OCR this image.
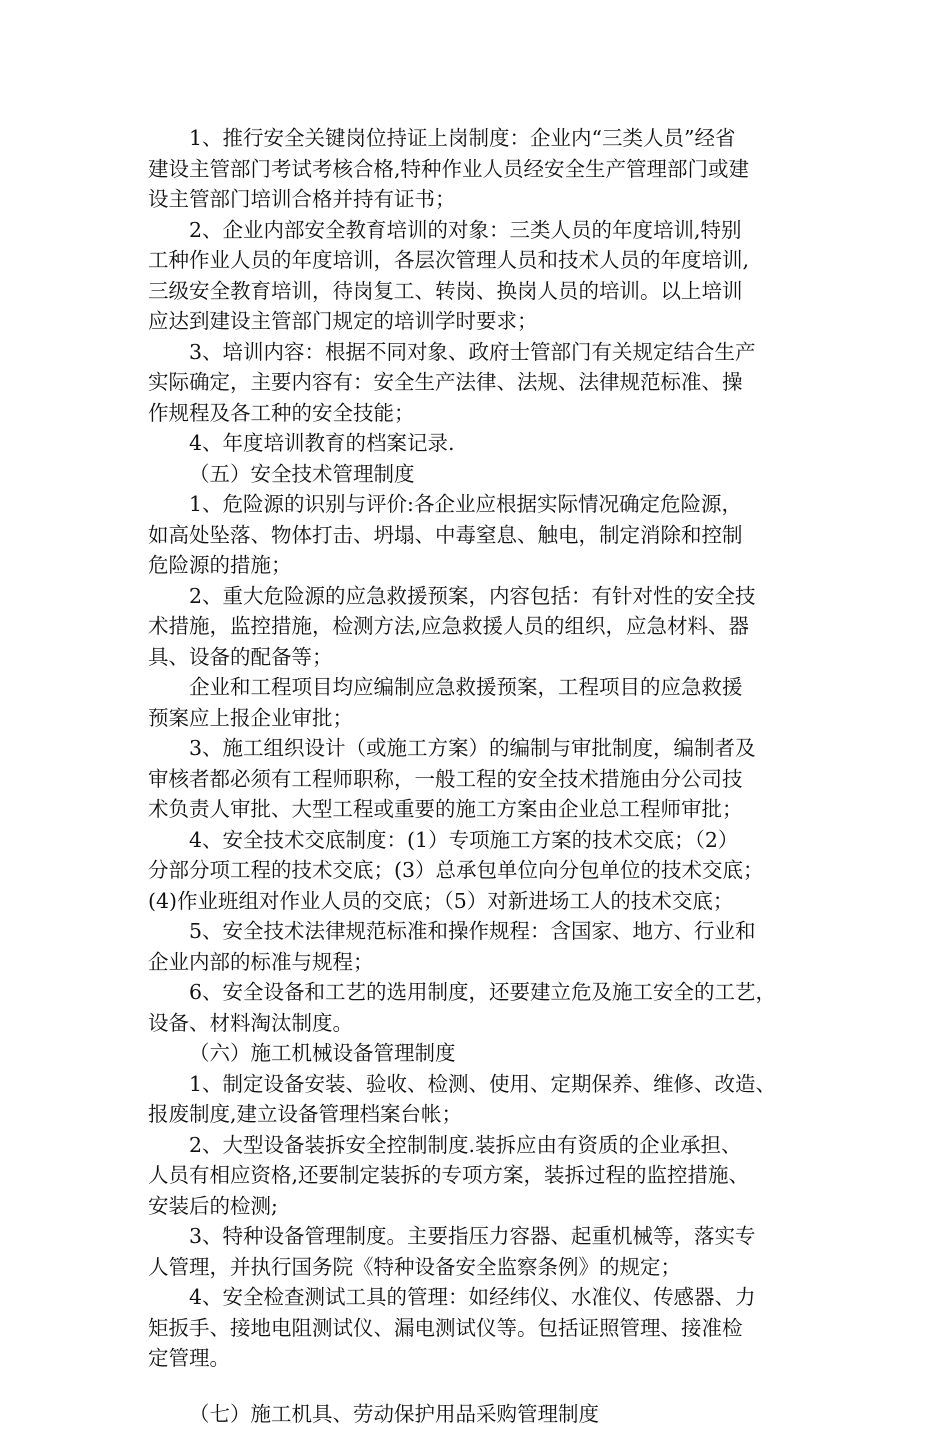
1、推行安全关键岗位持证上岗制度：企业内“三类人员”经省
建设主管部门考试考核合格,特种作业人员经安全生产管理部门或建
设主管部门培训合格并持有证书；
2、企业内部安全教育培训的对象：三类人员的年度培训,特别
工种作业人员的年度培训，各层次管理人员和技术人员的年度培训,
三级安全教育培训，待岗复工、转岗、换岗人员的培训。以上培训
应达到建设主管部门规定的培训学时要求；
3、培训内容：根据不同对象、政府士管部门有关规定结合生产
实际确定，主要内容有：安全生产法律、法规、法律规范标准、操
作规程及各工种的安全技能；
4、年度培训教育的档案记录.
（五）安全技术管理制度
1、危险源的识别与评价:各企业应根据实际情况确定危险源，
如高处坠落、物体打击、坍塌、中毒窒息、触电，制定消除和控制
危险源的措施；
2、重大危险源的应急救援预案，内容包括：有针对性的安全技
术措施，监控措施，检测方法,应急救援人员的组织，应急材料、器
具、设备的配备等；
企业和工程项目均应编制应急救援预案，工程项目的应急救援
预案应上报企业审批；
3、施工组织设计（或施工方案）的编制与审批制度，编制者及
审核者都必须有工程师职称，一般工程的安全技术措施由分公司技
术负责人审批、大型工程或重要的施工方案由企业总工程师审批；
4、安全技术交底制度：(1）专项施工方案的技术交底；（2）
分部分项工程的技术交底；(3）总承包单位向分包单位的技术交底；
(4)作业班组对作业人员的交底；（5）对新进场工人的技术交底；
5、安全技术法律规范标准和操作规程：含国家、地方、行业和
企业内部的标准与规程；
6、安全设备和工艺的选用制度，还要建立危及施工安全的工艺，
设备、材料淘汰制度。
（六）施工机械设备管理制度
1、制定设备安装、验收、检测、使用、定期保养、维修、改造、
报废制度,建立设备管理档案台帐；
2、大型设备装拆安全控制制度.装拆应由有资质的企业承担、
人员有相应资格,还要制定装拆的专项方案，装拆过程的监控措施、
安装后的检测;
3、特种设备管理制度。主要指压力容器、起重机械等，落实专
人管理，并执行国务院《特种设备安全监察条例》的规定；
4、安全检查测试工具的管理：如经纬仪、水准仪、传感器、力
矩扳手、接地电阻测试仪、漏电测试仪等。包括证照管理、接准检
定管理。
（七）施工机具、劳动保护用品采购管理制度
